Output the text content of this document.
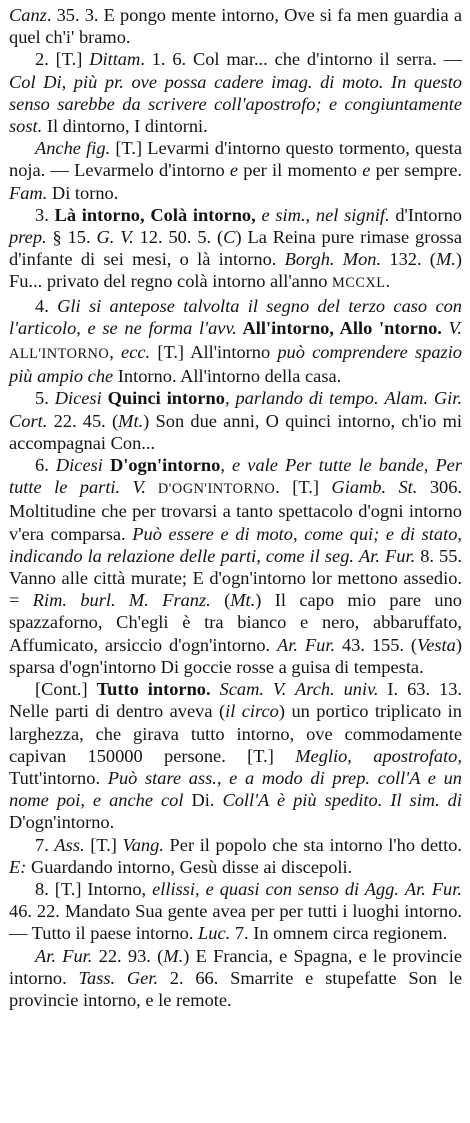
Canz. 35. 3. E pongo mente intorno, Ove si fa men guardia a quel ch'i' bramo.

2. [T.] Dittam. 1. 6. Col mar... che d'intorno il serra. — Col Di, più pr. ove possa cadere imag. di moto. In questo senso sarebbe da scrivere coll'apostrofo; e congiuntamente sost. Il dintorno, I dintorni.

Anche fig. [T.] Levarmi d'intorno questo tormento, questa noja. — Levarmelo d'intorno e per il momento e per sempre. Fam. Di torno.

3. Là intorno, Colà intorno, e sim., nel signif. d'Intorno prep. § 15. G. V. 12. 50. 5. (C) La Reina pure rimase grossa d'infante di sei mesi, o là intorno. Borgh. Mon. 132. (M.) Fu... privato del regno colà intorno all'anno MCCXL.

4. Gli si antepose talvolta il segno del terzo caso con l'articolo, e se ne forma l'avv. All'intorno, Allo 'ntorno. V. ALL'INTORNO, ecc. [T.] All'intorno può comprendere spazio più ampio che Intorno. All'intorno della casa.

5. Dicesi Quinci intorno, parlando di tempo. Alam. Gir. Cort. 22. 45. (Mt.) Son due anni, O quinci intorno, ch'io mi accompagnai Con...

6. Dicesi D'ogn'intorno, e vale Per tutte le bande, Per tutte le parti. V. D'OGN'INTORNO. [T.] Giamb. St. 306. Moltitudine che per trovarsi a tanto spettacolo d'ogni intorno v'era comparsa. Può essere e di moto, come qui; e di stato, indicando la relazione delle parti, come il seg. Ar. Fur. 8. 55. Vanno alle città murate; E d'ogn'intorno lor mettono assedio. = Rim. burl. M. Franz. (Mt.) Il capo mio pare uno spazzaforno, Ch'egli è tra bianco e nero, abbaruffato, Affumicato, arsiccio d'ogn'intorno. Ar. Fur. 43. 155. (Vesta) sparsa d'ogn'intorno Di goccie rosse a guisa di tempesta.

[Cont.] Tutto intorno. Scam. V. Arch. univ. I. 63. 13. Nelle parti di dentro aveva (il circo) un portico triplicato in larghezza, che girava tutto intorno, ove commodamente capivan 150000 persone. [T.] Meglio, apostrofato, Tutt'intorno. Può stare ass., e a modo di prep. coll'A e un nome poi, e anche col Di. Coll'A è più spedito. Il sim. di D'ogn'intorno.

7. Ass. [T.] Vang. Per il popolo che sta intorno l'ho detto. E: Guardando intorno, Gesù disse ai discepoli.

8. [T.] Intorno, ellissi, e quasi con senso di Agg. Ar. Fur. 46. 22. Mandato Sua gente avea per per tutti i luoghi intorno. — Tutto il paese intorno. Luc. 7. In omnem circa regionem.

Ar. Fur. 22. 93. (M.) E Francia, e Spagna, e le provincie intorno. Tass. Ger. 2. 66. Smarrite e stupefatte Son le provincie intorno, e le remote.
